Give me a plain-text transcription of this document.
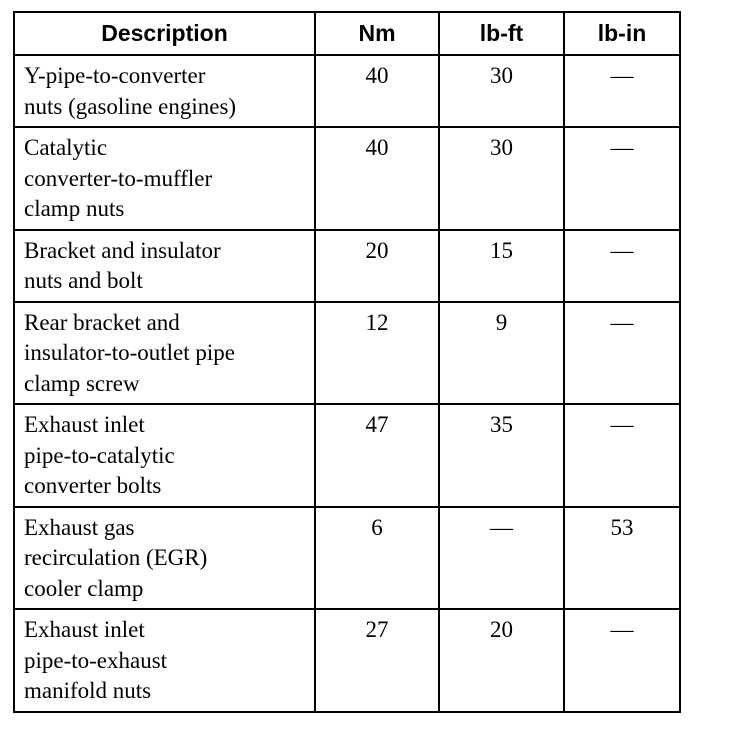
Description	Nm	lb-ft	lb-in

Y-pipe-to-converter
nuts (gasoline engines)	40	30	—

Catalytic
converter-to-muffler
clamp nuts	40	30	—

Bracket and insulator
nuts and bolt	20	15	—

Rear bracket and
insulator-to-outlet pipe
clamp screw	12	9	—

Exhaust inlet
pipe-to-catalytic
converter bolts	47	35	—

Exhaust gas
recirculation (EGR)
cooler clamp	6	—	53

Exhaust inlet
pipe-to-exhaust
manifold nuts	27	20	—
